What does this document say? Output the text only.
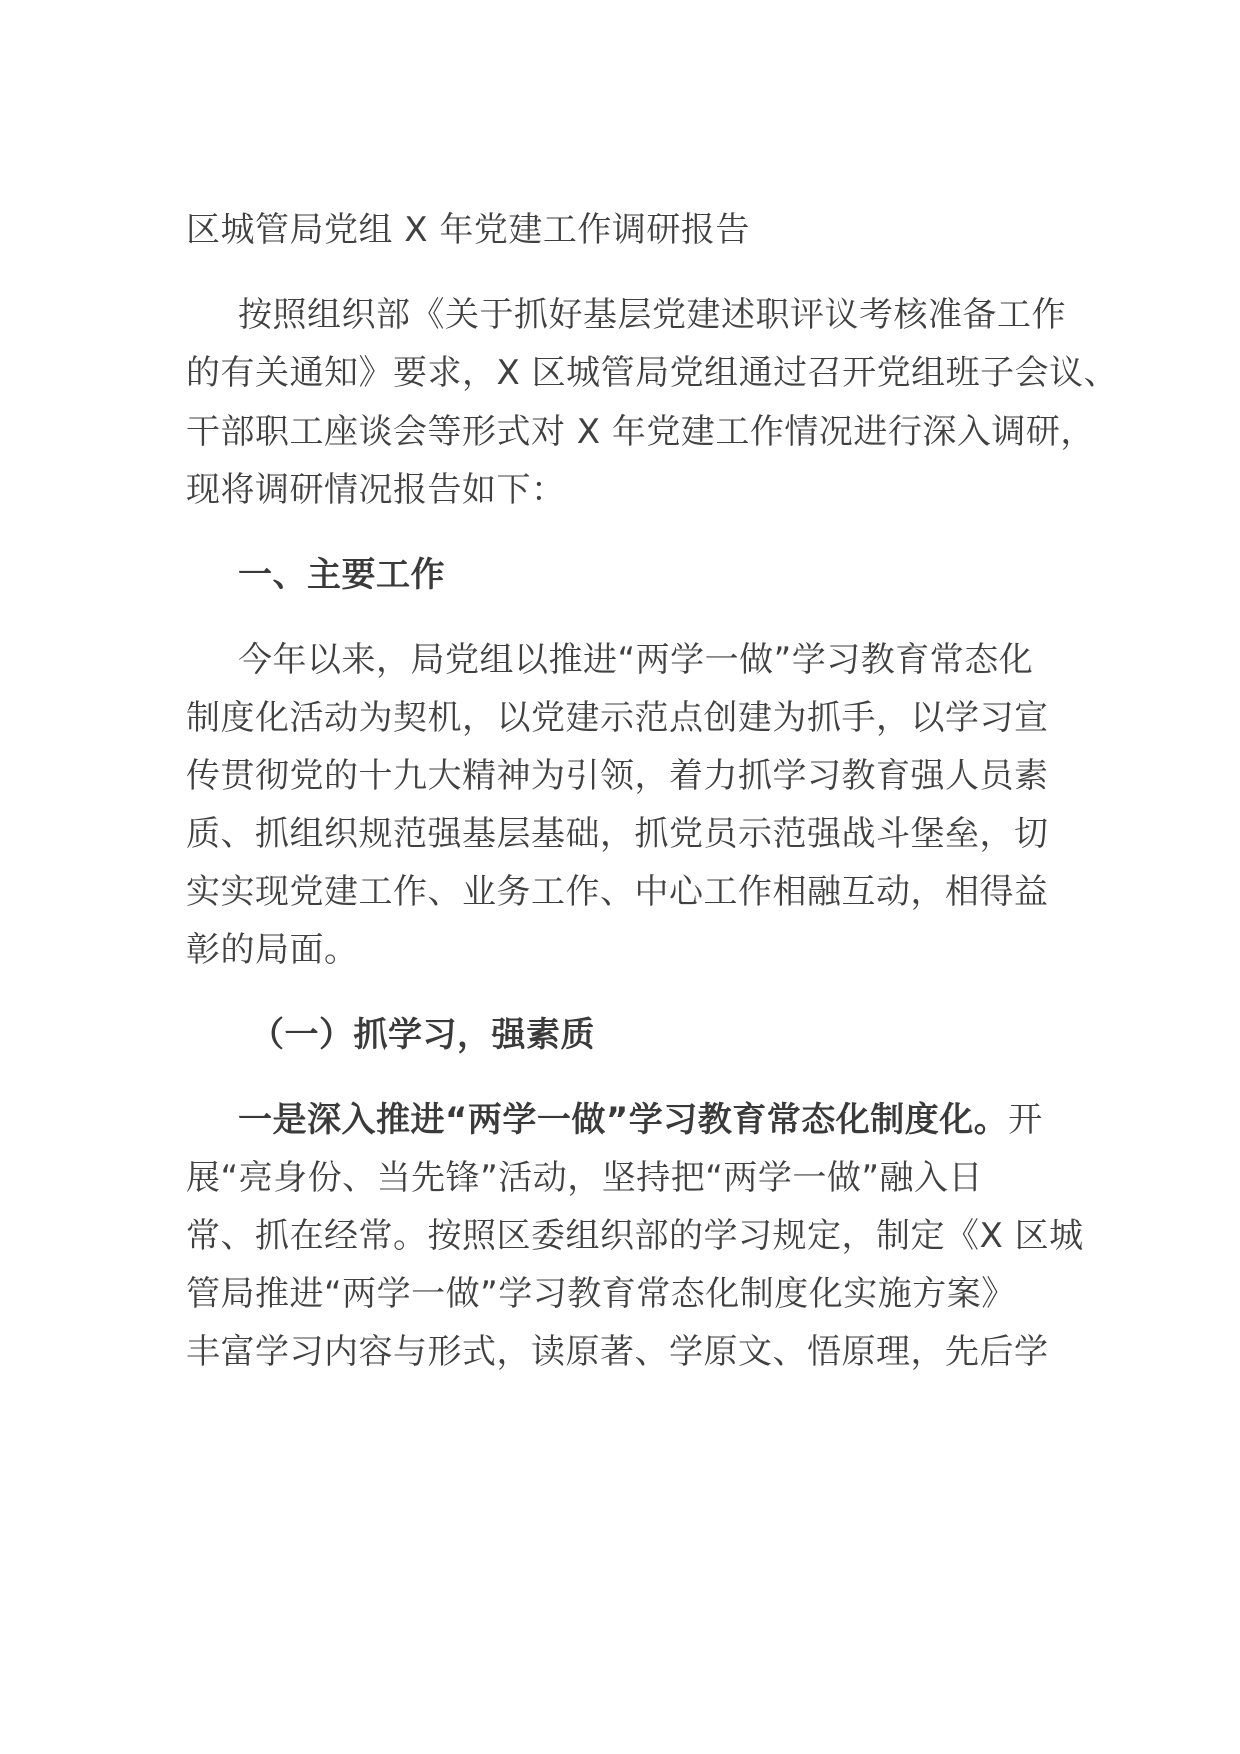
区城管局党组 X 年党建工作调研报告
按照组织部《关于抓好基层党建述职评议考核准备工作
的有关通知》要求，X 区城管局党组通过召开党组班子会议、
干部职工座谈会等形式对 X 年党建工作情况进行深入调研，
现将调研情况报告如下：
一、主要工作
今年以来，局党组以推进“两学一做”学习教育常态化
制度化活动为契机，以党建示范点创建为抓手，以学习宣
传贯彻党的十九大精神为引领，着力抓学习教育强人员素
质、抓组织规范强基层基础，抓党员示范强战斗堡垒，切
实实现党建工作、业务工作、中心工作相融互动，相得益
彰的局面。
（一）抓学习，强素质
一是深入推进“两学一做”学习教育常态化制度化。开
展“亮身份、当先锋”活动，坚持把“两学一做”融入日
常、抓在经常。按照区委组织部的学习规定，制定《X 区城
管局推进“两学一做”学习教育常态化制度化实施方案》
丰富学习内容与形式，读原著、学原文、悟原理，先后学
